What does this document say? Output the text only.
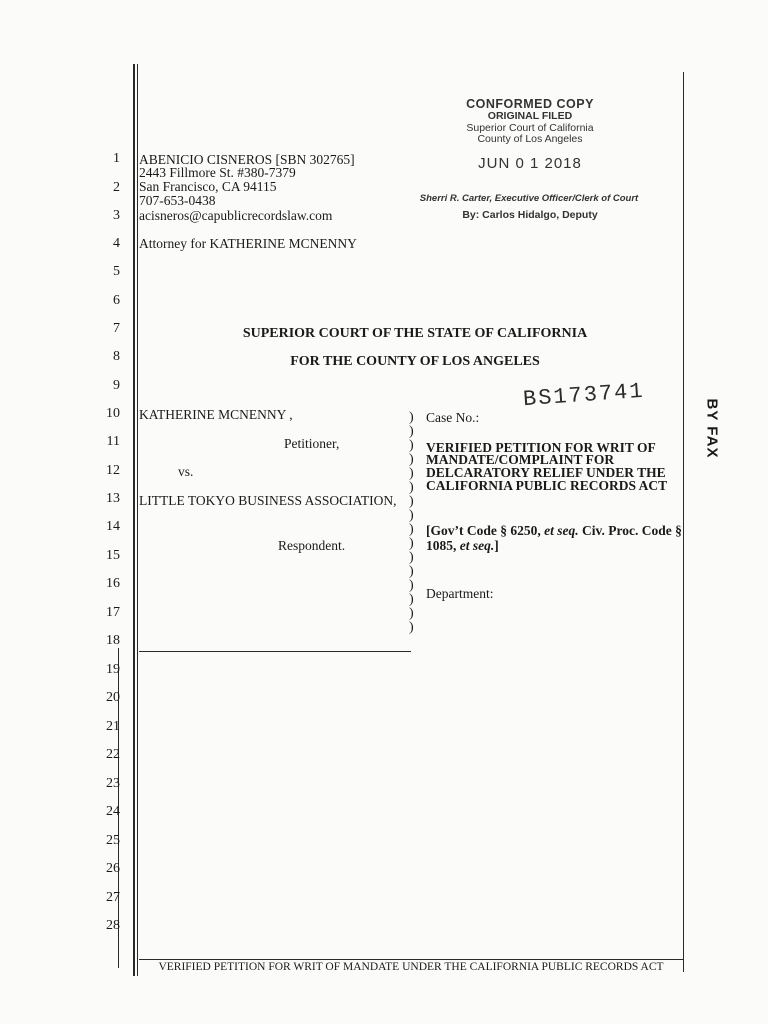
1
2
3
4
5
6
7
8
9
10
11
12
13
14
15
16
17
18
19
20
21
22
23
24
25
26
27
28
CONFORMED COPY
ORIGINAL FILED
Superior Court of California
County of Los Angeles
JUN 0 1 2018
Sherri R. Carter, Executive Officer/Clerk of Court
By: Carlos Hidalgo, Deputy
ABENICIO CISNEROS [SBN 302765]
2443 Fillmore St. #380-7379
San Francisco, CA 94115
707-653-0438
acisneros@capublicrecordslaw.com
Attorney for KATHERINE MCNENNY
SUPERIOR COURT OF THE STATE OF CALIFORNIA
FOR THE COUNTY OF LOS ANGELES
BS173741
BY FAX
KATHERINE MCNENNY ,
Petitioner,
vs.
LITTLE TOKYO BUSINESS ASSOCIATION,
Respondent.
)
)
)
)
)
)
)
)
)
)
)
)
)
)
)
)
Case No.:
VERIFIED PETITION FOR WRIT OF
MANDATE/COMPLAINT FOR
DELCARATORY RELIEF UNDER THE
CALIFORNIA PUBLIC RECORDS ACT
[Gov’t Code § 6250, et seq. Civ. Proc. Code §
1085, et seq.]
Department:
VERIFIED PETITION FOR WRIT OF MANDATE UNDER THE CALIFORNIA PUBLIC RECORDS ACT
